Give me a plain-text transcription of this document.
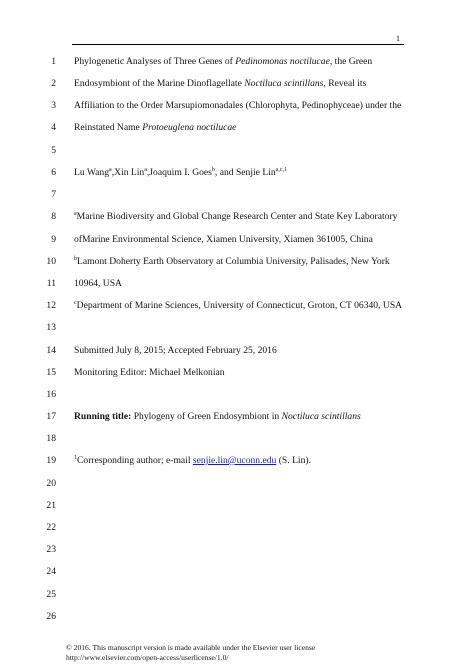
1
1 Phylogenetic Analyses of Three Genes of Pedinomonas noctilucae, the Green
2 Endosymbiont of the Marine Dinoflagellate Noctiluca scintillans, Reveal its
3 Affiliation to the Order Marsupiomonadales (Chlorophyta, Pedinophyceae) under the
4 Reinstated Name Protoeuglena noctilucae
5
6 Lu Wang$^a$,Xin Lin$^a$,Joaquim I. Goes$^b$, and Senjie Lin$^{a,c,1}$
7
8	$^a$Marine Biodiversity and Global Change Research Center and State Key Laboratory
9 ofMarine Environmental Science, Xiamen University, Xiamen 361005, China
10	$^b$Lamont Doherty Earth Observatory at Columbia University, Palisades, New York
11 10964, USA
12	$^c$Department of Marine Sciences, University of Connecticut, Groton, CT 06340, USA
13
14 Submitted July 8, 2015; Accepted February 25, 2016
15 Monitoring Editor: Michael Melkonian
16
17 Running title: Phylogeny of Green Endosymbiont in Noctiluca scintillans
18
19	$^1$Corresponding author; e-mail senjie.lin@uconn.edu (S. Lin).
20
21
22
23
24
25
26
© 2016. This manuscript version is made available under the Elsevier user license
http://www.elsevier.com/open-access/userlicense/1.0/
